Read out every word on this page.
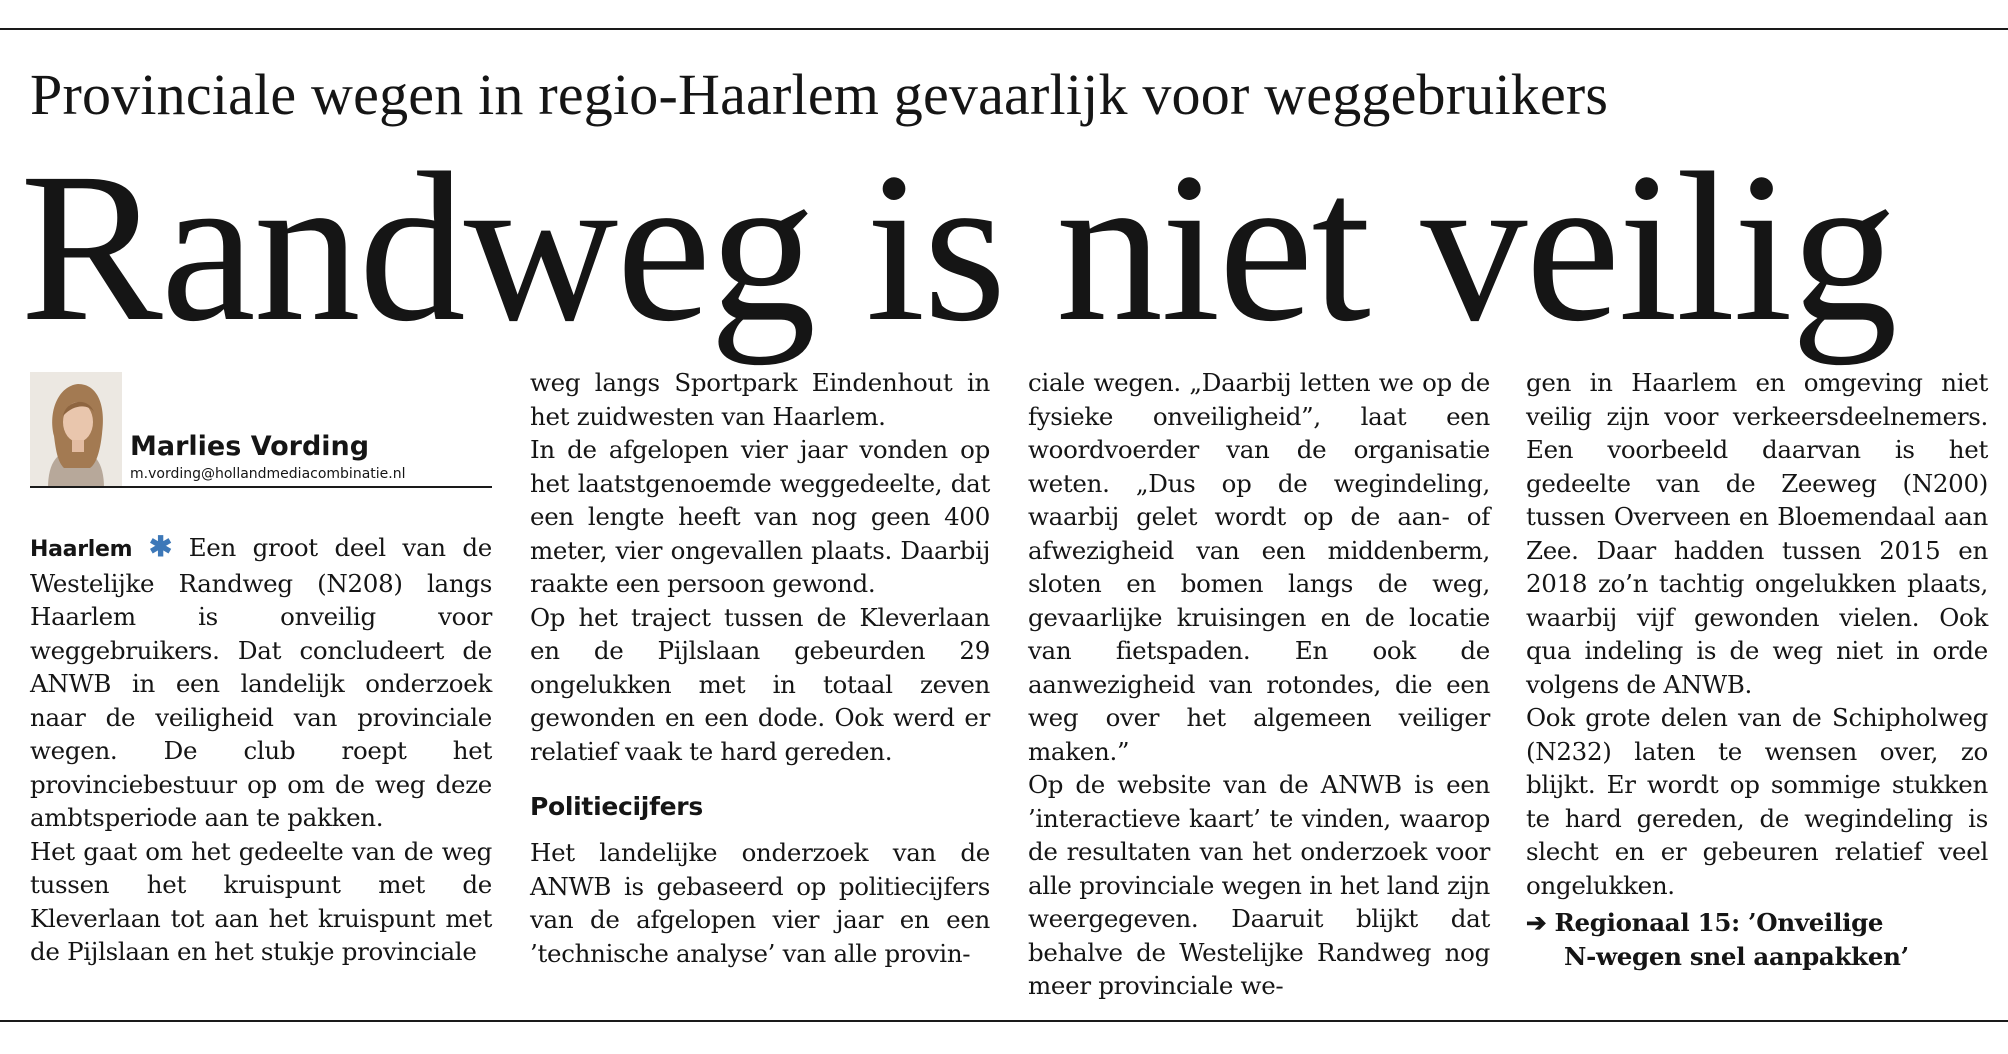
Provinciale wegen in regio-Haarlem gevaarlijk voor weggebruikers
Randweg is niet veilig
Marlies Vording
m.vording@hollandmediacombinatie.nl

Haarlem ✱ Een groot deel van de Westelijke Randweg (N208) langs Haarlem is onveilig voor weggebruikers. Dat concludeert de ANWB in een landelijk onderzoek naar de veiligheid van provinciale wegen. De club roept het provinciebestuur op om de weg deze ambtsperiode aan te pakken.

Het gaat om het gedeelte van de weg tussen het kruispunt met de Kleverlaan tot aan het kruispunt met de Pijlslaan en het stukje provinciale

weg langs Sportpark Eindenhout in het zuidwesten van Haarlem.

In de afgelopen vier jaar vonden op het laatstgenoemde weggedeelte, dat een lengte heeft van nog geen 400 meter, vier ongevallen plaats. Daarbij raakte een persoon gewond.

Op het traject tussen de Kleverlaan en de Pijlslaan gebeurden 29 ongelukken met in totaal zeven gewonden en een dode. Ook werd er relatief vaak te hard gereden.

Politiecijfers

Het landelijke onderzoek van de ANWB is gebaseerd op politiecijfers van de afgelopen vier jaar en een ’technische analyse’ van alle provin-

ciale wegen. „Daarbij letten we op de fysieke onveiligheid”, laat een woordvoerder van de organisatie weten. „Dus op de wegindeling, waarbij gelet wordt op de aan- of afwezigheid van een middenberm, sloten en bomen langs de weg, gevaarlijke kruisingen en de locatie van fietspaden. En ook de aanwezigheid van rotondes, die een weg over het algemeen veiliger maken.”

Op de website van de ANWB is een ’interactieve kaart’ te vinden, waarop de resultaten van het onderzoek voor alle provinciale wegen in het land zijn weergegeven. Daaruit blijkt dat behalve de Westelijke Randweg nog meer provinciale we-

gen in Haarlem en omgeving niet veilig zijn voor verkeersdeelnemers. Een voorbeeld daarvan is het gedeelte van de Zeeweg (N200) tussen Overveen en Bloemendaal aan Zee. Daar hadden tussen 2015 en 2018 zo’n tachtig ongelukken plaats, waarbij vijf gewonden vielen. Ook qua indeling is de weg niet in orde volgens de ANWB.

Ook grote delen van de Schipholweg (N232) laten te wensen over, zo blijkt. Er wordt op sommige stukken te hard gereden, de wegindeling is slecht en er gebeuren relatief veel ongelukken.

➔ Regionaal 15: ’Onveilige
N-wegen snel aanpakken’
